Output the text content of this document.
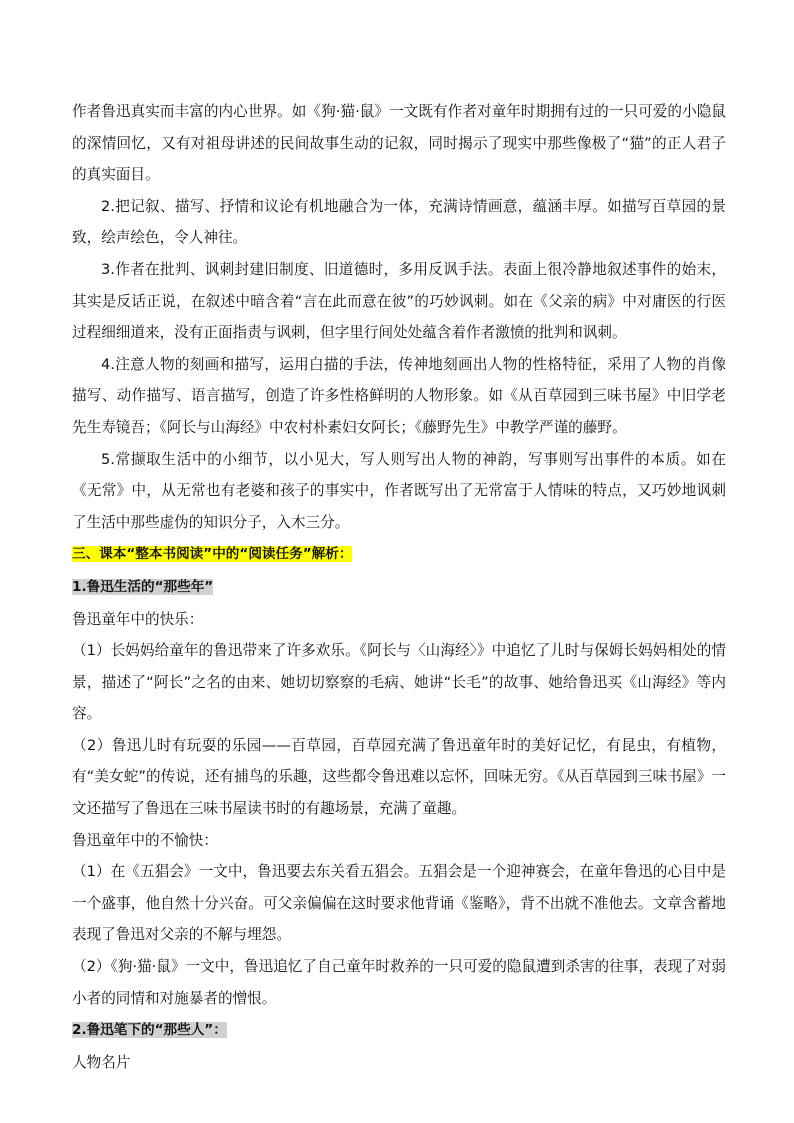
作者鲁迅真实而丰富的内心世界。如《狗·猫·鼠》一文既有作者对童年时期拥有过的一只可爱的小隐鼠的深情回忆，又有对祖母讲述的民间故事生动的记叙，同时揭示了现实中那些像极了“猫”的正人君子的真实面目。

2.把记叙、描写、抒情和议论有机地融合为一体，充满诗情画意，蕴涵丰厚。如描写百草园的景致，绘声绘色，令人神往。

3.作者在批判、讽刺封建旧制度、旧道德时，多用反讽手法。表面上很冷静地叙述事件的始末，其实是反话正说，在叙述中暗含着“言在此而意在彼”的巧妙讽刺。如在《父亲的病》中对庸医的行医过程细细道来，没有正面指责与讽刺，但字里行间处处蕴含着作者激愤的批判和讽刺。

4.注意人物的刻画和描写，运用白描的手法，传神地刻画出人物的性格特征，采用了人物的肖像描写、动作描写、语言描写，创造了许多性格鲜明的人物形象。如《从百草园到三味书屋》中旧学老先生寿镜吾；《阿长与山海经》中农村朴素妇女阿长；《藤野先生》中教学严谨的藤野。

5.常撷取生活中的小细节，以小见大，写人则写出人物的神韵，写事则写出事件的本质。如在《无常》中，从无常也有老婆和孩子的事实中，作者既写出了无常富于人情味的特点，又巧妙地讽刺了生活中那些虚伪的知识分子，入木三分。

三、课本“整本书阅读”中的“阅读任务”解析：

1.鲁迅生活的“那些年”

鲁迅童年中的快乐：

（1）长妈妈给童年的鲁迅带来了许多欢乐。《阿长与〈山海经〉》中追忆了儿时与保姆长妈妈相处的情景，描述了“阿长”之名的由来、她切切察察的毛病、她讲“长毛”的故事、她给鲁迅买《山海经》等内容。

（2）鲁迅儿时有玩耍的乐园——百草园，百草园充满了鲁迅童年时的美好记忆，有昆虫，有植物，有“美女蛇”的传说，还有捕鸟的乐趣，这些都令鲁迅难以忘怀，回味无穷。《从百草园到三味书屋》一文还描写了鲁迅在三味书屋读书时的有趣场景，充满了童趣。

鲁迅童年中的不愉快：

（1）在《五猖会》一文中，鲁迅要去东关看五猖会。五猖会是一个迎神赛会，在童年鲁迅的心目中是一个盛事，他自然十分兴奋。可父亲偏偏在这时要求他背诵《鉴略》，背不出就不准他去。文章含蓄地表现了鲁迅对父亲的不解与埋怨。

（2）《狗·猫·鼠》一文中，鲁迅追忆了自己童年时救养的一只可爱的隐鼠遭到杀害的往事，表现了对弱小者的同情和对施暴者的憎恨。

2.鲁迅笔下的“那些人”：

人物名片
